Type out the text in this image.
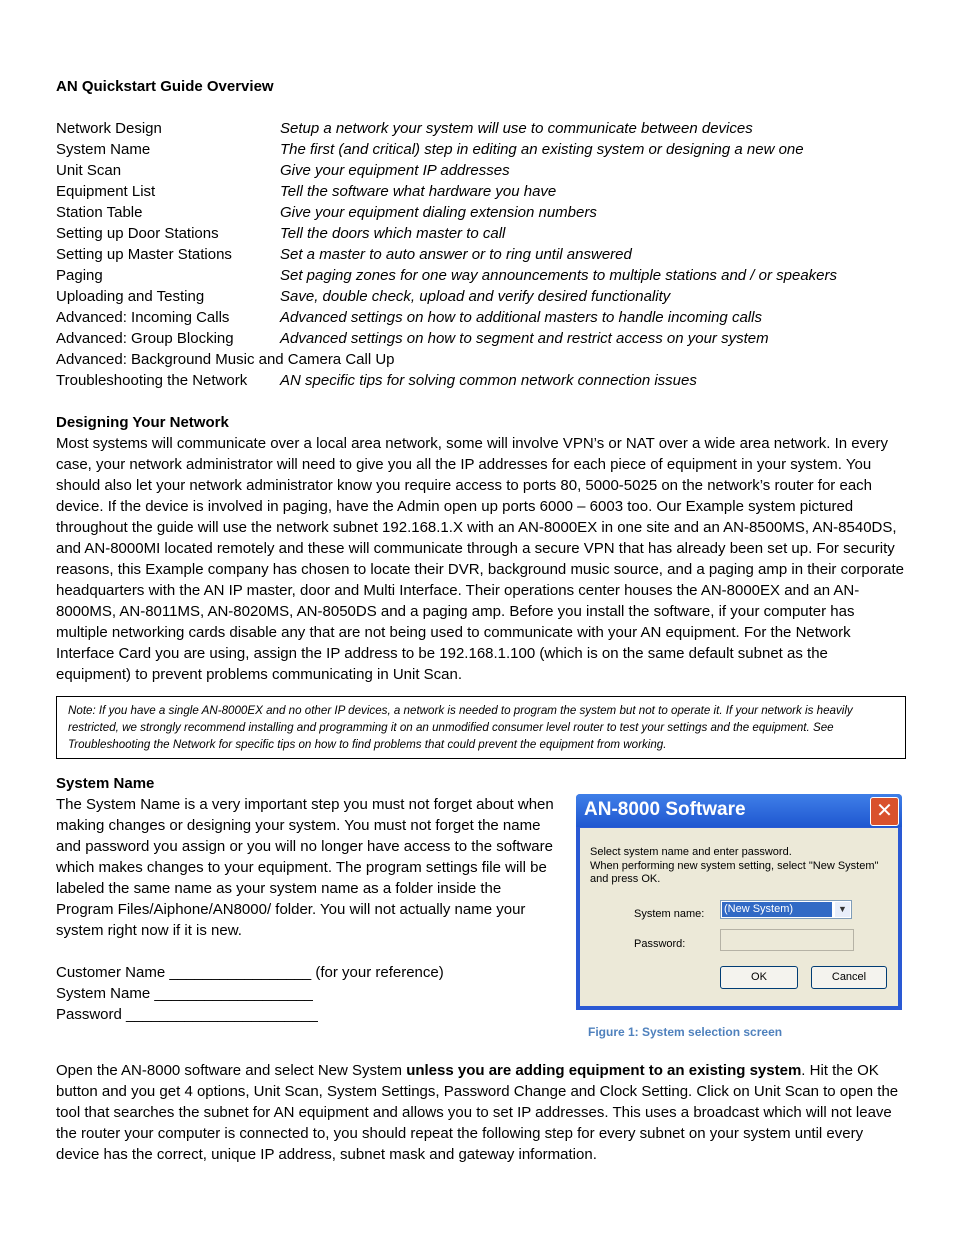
AN Quickstart Guide Overview
Network Design	Setup a network your system will use to communicate between devices
System Name	The first (and critical) step in editing an existing system or designing a new one
Unit Scan	Give your equipment IP addresses
Equipment List	Tell the software what hardware you have
Station Table	Give your equipment dialing extension numbers
Setting up Door Stations	Tell the doors which master to call
Setting up Master Stations	Set a master to auto answer or to ring until answered
Paging	Set paging zones for one way announcements to multiple stations and / or speakers
Uploading and Testing	Save, double check, upload and verify desired functionality
Advanced: Incoming Calls	Advanced settings on how to additional masters to handle incoming calls
Advanced: Group Blocking	Advanced settings on how to segment and restrict access on your system
Advanced: Background Music and Camera Call Up
Troubleshooting the Network	AN specific tips for solving common network connection issues
Designing Your Network

Most systems will communicate over a local area network, some will involve VPN’s or NAT over a wide area network. In every case, your network administrator will need to give you all the IP addresses for each piece of equipment in your system. You should also let your network administrator know you require access to ports 80, 5000-5025 on the network’s router for each device. If the device is involved in paging, have the Admin open up ports 6000 – 6003 too. Our Example system pictured throughout the guide will use the network subnet 192.168.1.X with an AN-8000EX in one site and an AN-8500MS, AN-8540DS, and AN-8000MI located remotely and these will communicate through a secure VPN that has already been set up. For security reasons, this Example company has chosen to locate their DVR, background music source, and a paging amp in their corporate headquarters with the AN IP master, door and Multi Interface. Their operations center houses the AN-8000EX and an AN-8000MS, AN-8011MS, AN-8020MS, AN-8050DS and a paging amp. Before you install the software, if your computer has multiple networking cards disable any that are not being used to communicate with your AN equipment. For the Network Interface Card you are using, assign the IP address to be 192.168.1.100 (which is on the same default subnet as the equipment) to prevent problems communicating in Unit Scan.

Note: If you have a single AN-8000EX and no other IP devices, a network is needed to program the system but not to operate it. If your network is heavily restricted, we strongly recommend installing and programming it on an unmodified consumer level router to test your settings and the equipment. See Troubleshooting the Network for specific tips on how to find problems that could prevent the equipment from working.
System Name
The System Name is a very important step you must not forget about when making changes or designing your system. You must not forget the name and password you assign or you will no longer have access to the software which makes changes to your equipment. The program settings file will be labeled the same name as your system name as a folder inside the Program Files/Aiphone/AN8000/ folder. You will not actually name your system right now if it is new.
Customer Name _________________ (for your reference)
System Name ___________________
Password _______________________
AN-8000 Software	✕
Select system name and enter password.
When performing new system setting, select "New System" and press OK.
System name: (New System)	▼
Password:
OK	Cancel
Figure 1: System selection screen

Open the AN-8000 software and select New System unless you are adding equipment to an existing system. Hit the OK button and you get 4 options, Unit Scan, System Settings, Password Change and Clock Setting. Click on Unit Scan to open the tool that searches the subnet for AN equipment and allows you to set IP addresses. This uses a broadcast which will not leave the router your computer is connected to, you should repeat the following step for every subnet on your system until every device has the correct, unique IP address, subnet mask and gateway information.
